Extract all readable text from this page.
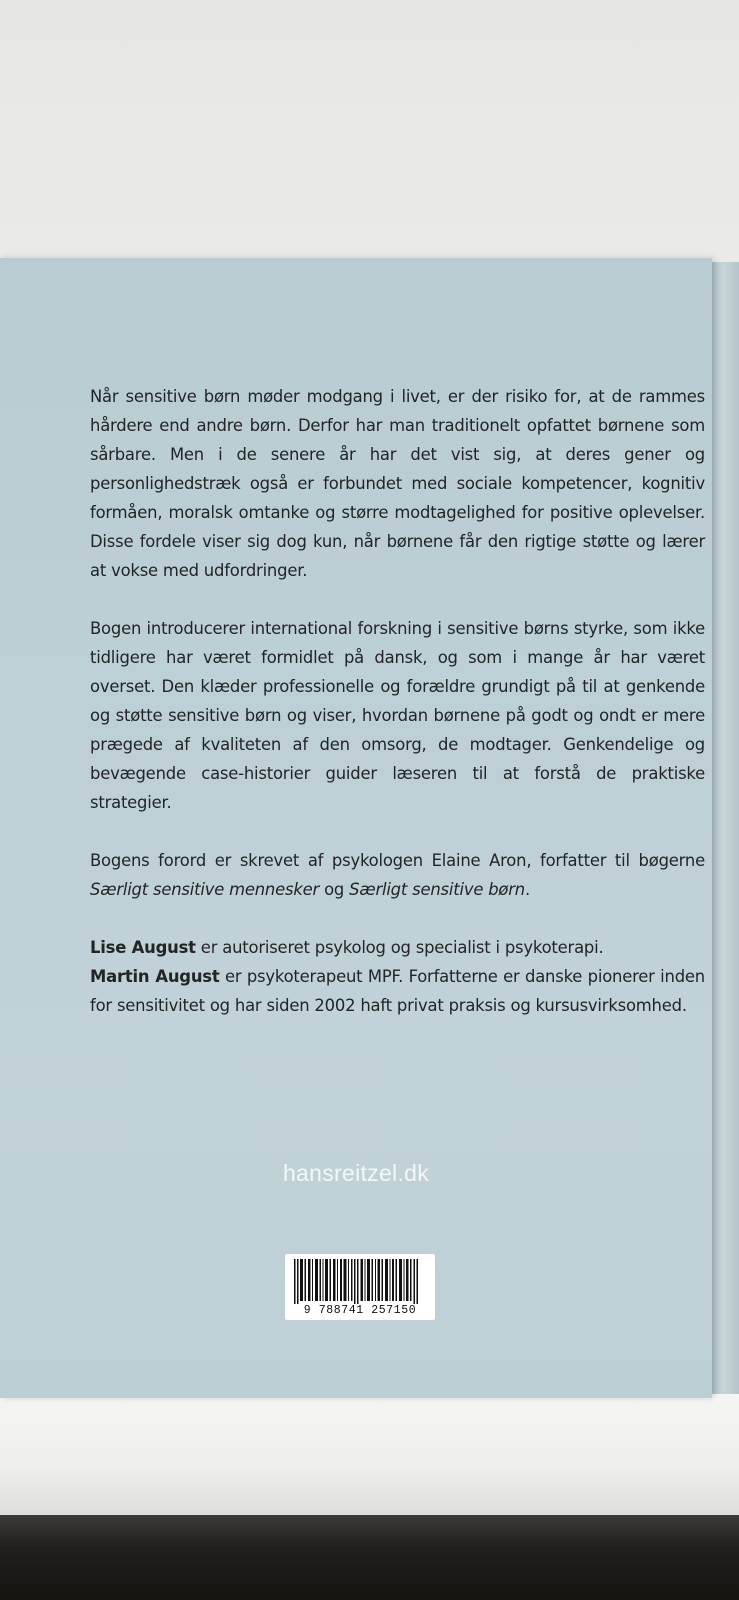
Når sensitive børn møder modgang i livet, er der risiko for, at de rammes hårdere end andre børn. Derfor har man traditionelt opfattet børnene som sårbare. Men i de senere år har det vist sig, at deres gener og personlighedstræk også er forbundet med sociale kompetencer, kognitiv formåen, moralsk omtanke og større modtagelighed for positive oplevelser. Disse fordele viser sig dog kun, når børnene får den rigtige støtte og lærer at vokse med udfordringer.

Bogen introducerer international forskning i sensitive børns styrke, som ikke tidligere har været formidlet på dansk, og som i mange år har været overset. Den klæder professionelle og forældre grundigt på til at genkende og støtte sensitive børn og viser, hvordan børnene på godt og ondt er mere prægede af kvaliteten af den omsorg, de modtager. Genkendelige og bevægende case-historier guider læseren til at forstå de praktiske strategier.

Bogens forord er skrevet af psykologen Elaine Aron, forfatter til bøgerne Særligt sensitive mennesker og Særligt sensitive børn.

Lise August er autoriseret psykolog og specialist i psykoterapi.
Martin August er psykoterapeut MPF. Forfatterne er danske pionerer inden for sensitivitet og har siden 2002 haft privat praksis og kursusvirksomhed.

hansreitzel.dk
9 788741 257150
